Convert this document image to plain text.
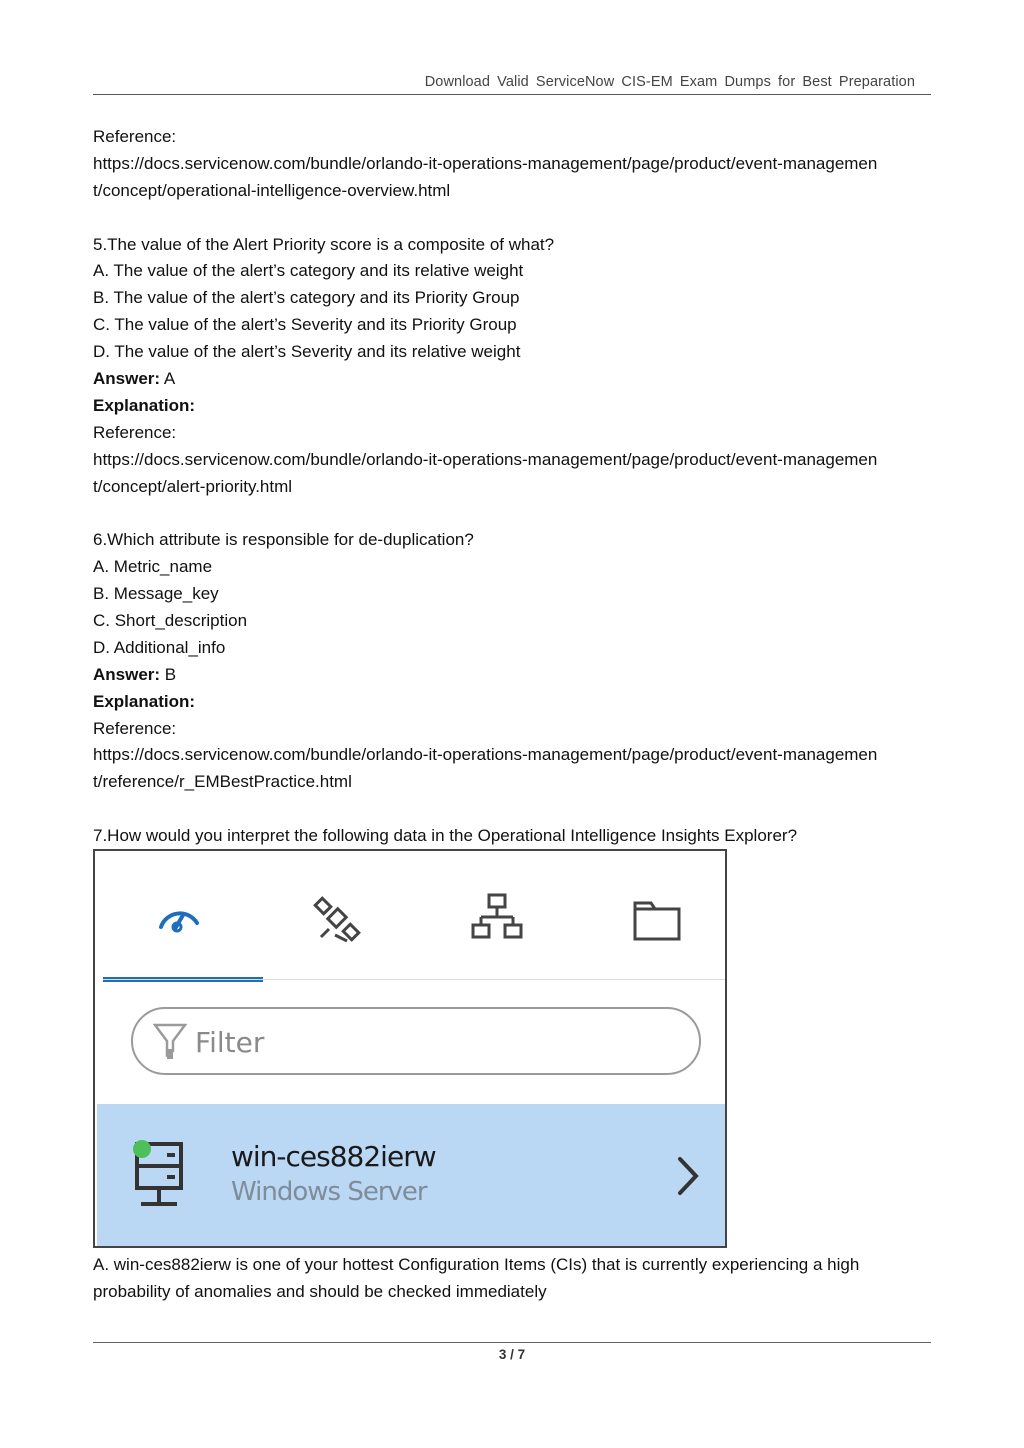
Download Valid ServiceNow CIS-EM Exam Dumps for Best Preparation
Reference:
https://docs.servicenow.com/bundle/orlando-it-operations-management/page/product/event-managemen
t/concept/operational-intelligence-overview.html
5.The value of the Alert Priority score is a composite of what?
A. The value of the alert’s category and its relative weight
B. The value of the alert’s category and its Priority Group
C. The value of the alert’s Severity and its Priority Group
D. The value of the alert’s Severity and its relative weight
Answer: A
Explanation:
Reference:
https://docs.servicenow.com/bundle/orlando-it-operations-management/page/product/event-managemen
t/concept/alert-priority.html
6.Which attribute is responsible for de-duplication?
A. Metric_name
B. Message_key
C. Short_description
D. Additional_info
Answer: B
Explanation:
Reference:
https://docs.servicenow.com/bundle/orlando-it-operations-management/page/product/event-managemen
t/reference/r_EMBestPractice.html
7.How would you interpret the following data in the Operational Intelligence Insights Explorer?
Filter
win-ces882ierw
Windows Server
A. win-ces882ierw is one of your hottest Configuration Items (CIs) that is currently experiencing a high
probability of anomalies and should be checked immediately
3 / 7
